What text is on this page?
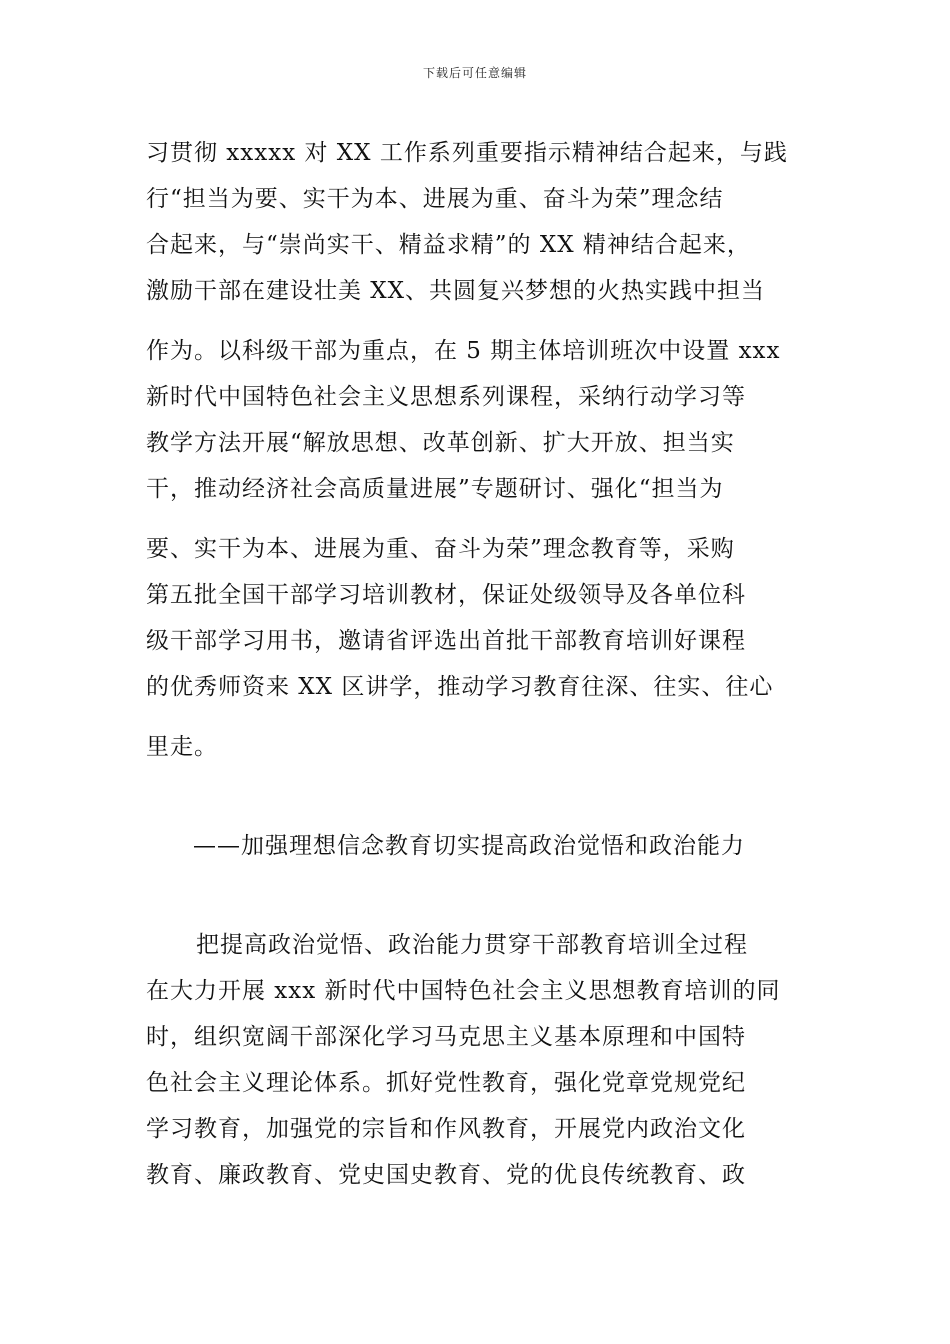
下载后可任意编辑
习贯彻 xxxxx 对 XX 工作系列重要指示精神结合起来，与践
行“担当为要、实干为本、进展为重、奋斗为荣”理念结
合起来，与“崇尚实干、精益求精”的 XX 精神结合起来，
激励干部在建设壮美 XX、共圆复兴梦想的火热实践中担当
作为。以科级干部为重点，在 5 期主体培训班次中设置 xxx
新时代中国特色社会主义思想系列课程，采纳行动学习等
教学方法开展“解放思想、改革创新、扩大开放、担当实
干，推动经济社会高质量进展”专题研讨、强化“担当为
要、实干为本、进展为重、奋斗为荣”理念教育等，采购
第五批全国干部学习培训教材，保证处级领导及各单位科
级干部学习用书，邀请省评选出首批干部教育培训好课程
的优秀师资来 XX 区讲学，推动学习教育往深、往实、往心
里走。
——加强理想信念教育切实提高政治觉悟和政治能力
把提高政治觉悟、政治能力贯穿干部教育培训全过程
在大力开展 xxx 新时代中国特色社会主义思想教育培训的同
时，组织宽阔干部深化学习马克思主义基本原理和中国特
色社会主义理论体系。抓好党性教育，强化党章党规党纪
学习教育，加强党的宗旨和作风教育，开展党内政治文化
教育、廉政教育、党史国史教育、党的优良传统教育、政
